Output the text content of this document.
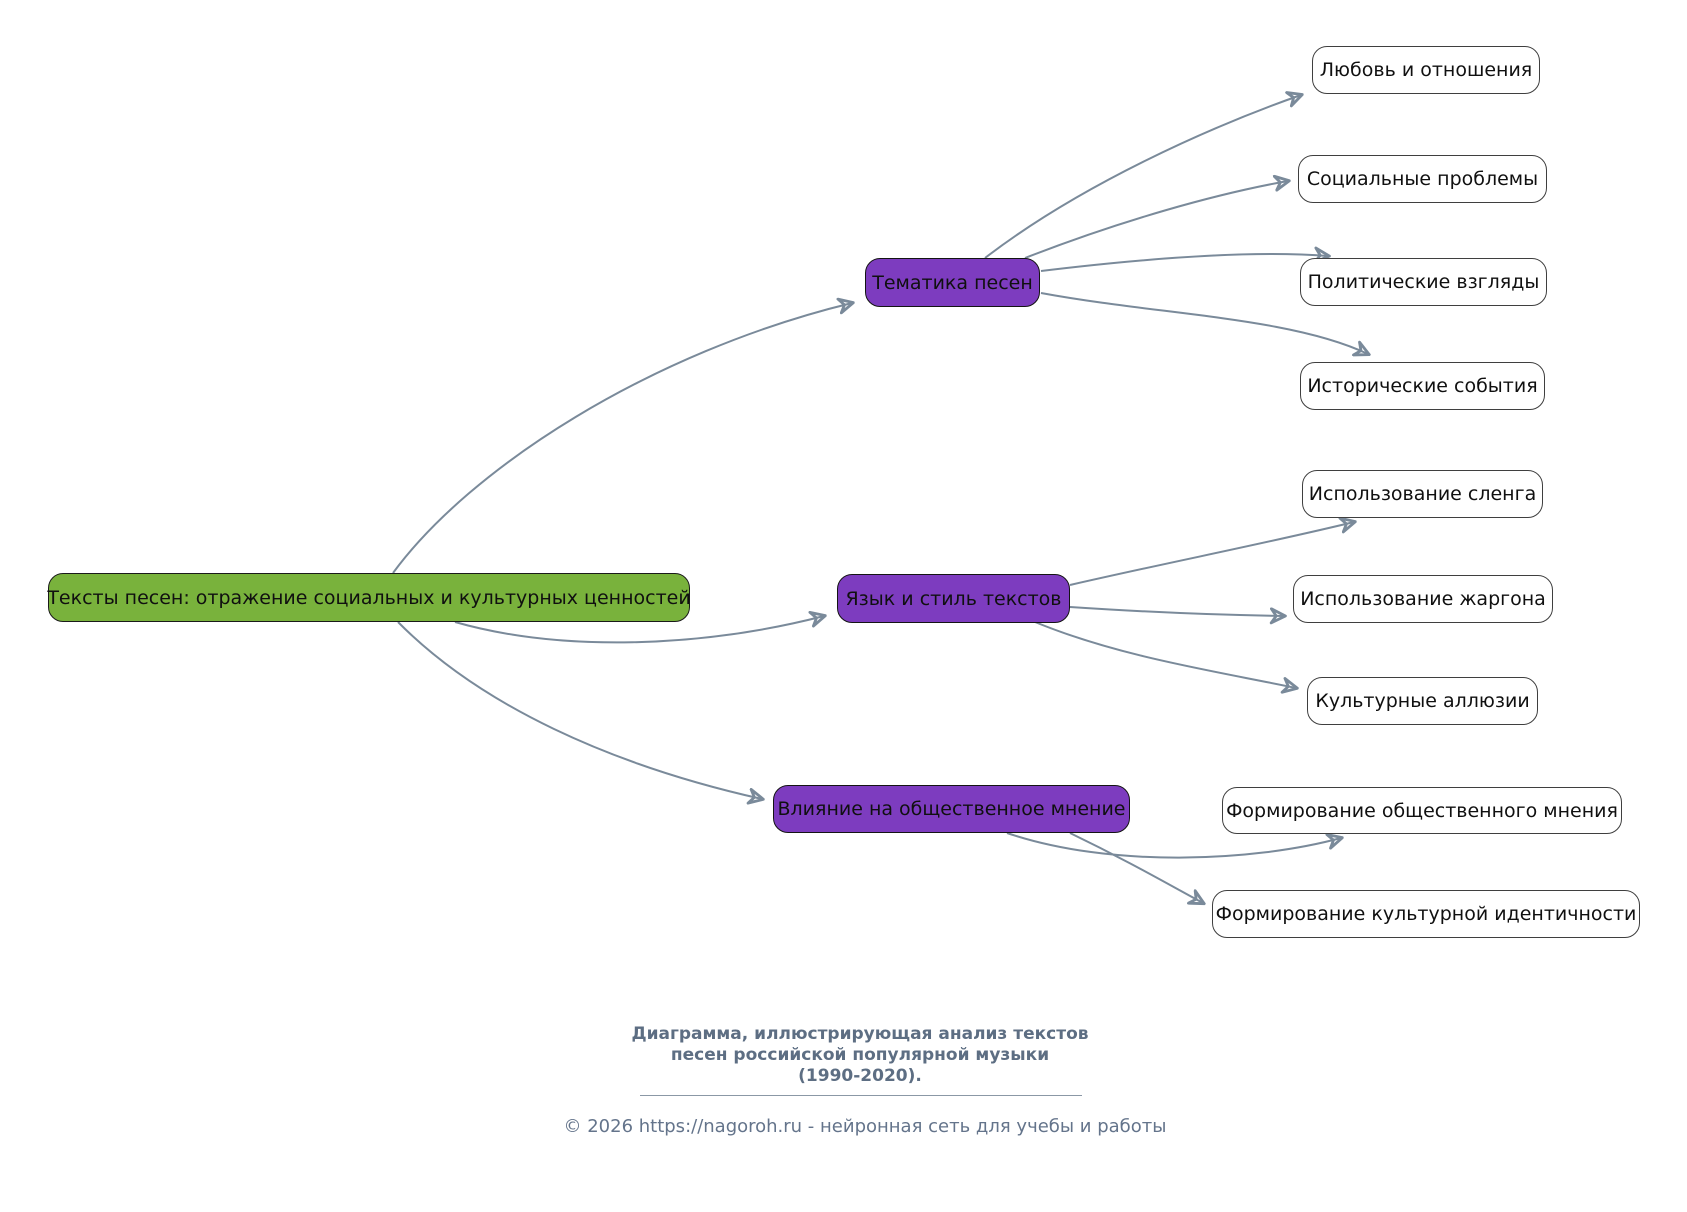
Тексты песен: отражение социальных и культурных ценностей
Тематика песен
Язык и стиль текстов
Влияние на общественное мнение
Любовь и отношения
Социальные проблемы
Политические взгляды
Исторические события
Использование сленга
Использование жаргона
Культурные аллюзии
Формирование общественного мнения
Формирование культурной идентичности
Диаграмма, иллюстрирующая анализ текстов
песен российской популярной музыки
(1990-2020).
© 2026 https://nagoroh.ru - нейронная сеть для учебы и работы
